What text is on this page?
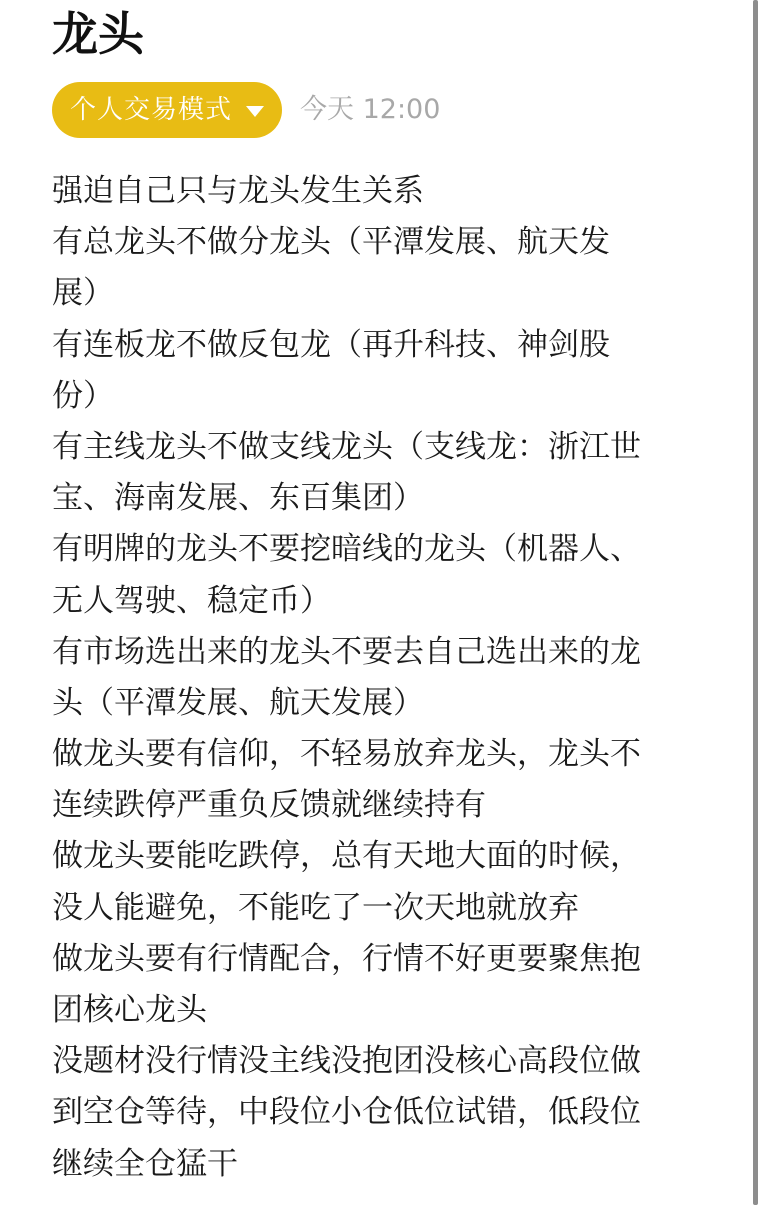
龙头
个人交易模式	今天 12:00
强迫自己只与龙头发生关系
有总龙头不做分龙头（平潭发展、航天发
展）
有连板龙不做反包龙（再升科技、神剑股
份）
有主线龙头不做支线龙头（支线龙：浙江世
宝、海南发展、东百集团）
有明牌的龙头不要挖暗线的龙头（机器人、
无人驾驶、稳定币）
有市场选出来的龙头不要去自己选出来的龙
头（平潭发展、航天发展）
做龙头要有信仰，不轻易放弃龙头，龙头不
连续跌停严重负反馈就继续持有
做龙头要能吃跌停，总有天地大面的时候，
没人能避免，不能吃了一次天地就放弃
做龙头要有行情配合，行情不好更要聚焦抱
团核心龙头
没题材没行情没主线没抱团没核心高段位做
到空仓等待，中段位小仓低位试错，低段位
继续全仓猛干
